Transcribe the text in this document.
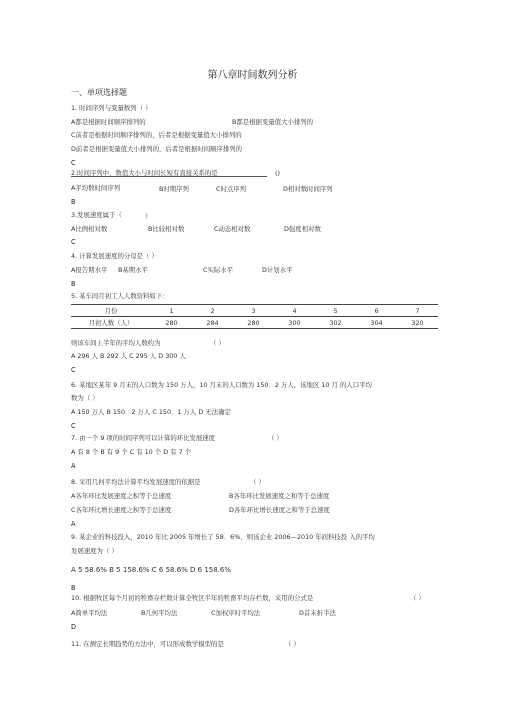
第八章时间数列分析
一、单项选择题
1. 时间序列与变量数列（ ）
A都是根据时间顺序排列的	B都是根据变量值大小排列的
C前者是根据时间顺序排列的，后者是根据变量值大小排列的
D前者是根据变量值大小排列的，后者是根据时间顺序排列的
C
2.时间序列中，数值大小与时间长短有直接关系的是	()
A平均数时间序列	B时期序列	C时点序列	D相对数时间序列
B
3.发展速度属于（	）
A比例相对数	B比较相对数	C动态相对数	D强度相对数
C
4. 计算发展速度的分母是（ ）
A报告期水平 B基期水平	C实际水平	D计划水平
B
5. 某车间月初工人人数资料如下：
月份	1	2	3	4	5	6	7
月初人数（人）	280	284	280	300	302	304	320
则该车间上半年的平均人数约为	（ ）
A 296 人 B 292 人 C 295 人 D 300 人
C
6. 某地区某年 9 月末的人口数为 150 万人，10 月末的人口数为 150．2 万人，该地区 10 月 的人口平均
数为（ ）
A 150 万人 B 150．2 万人 C 150．1 万人 D 无法确定
C
7. 由一个 9 项的时间序列可以计算的环比发展速度	（ ）
A 有 8 个 B 有 9 个 C 有 10 个 D 有 7 个
A
8. 采用几何平均法计算平均发展速度的依据是	（ ）
A各年环比发展速度之积等于总速度	B各年环比发展速度之和等于总速度
C各年环比增长速度之积等于总速度	D各年环比增长速度之和等于总速度
A
9. 某企业的科技投入，2010 年比 2005 年增长了 58．6%，则该企业 2006—2010 年间科技投 入的平均
发展速度为（ ）
A 5 58.6% B 5 158.6% C 6 58.6% D 6 158.6%
B
10. 根据牧区每个月初的牲畜存栏数计算全牧区半年的牲畜平均存栏数，采用的公式是	（ ）
A简单平均法	B几何平均法	C加权序时平均法	D首末折半法
D
11. 在测定长期趋势的方法中，可以形成数学模型的是	（ ）
